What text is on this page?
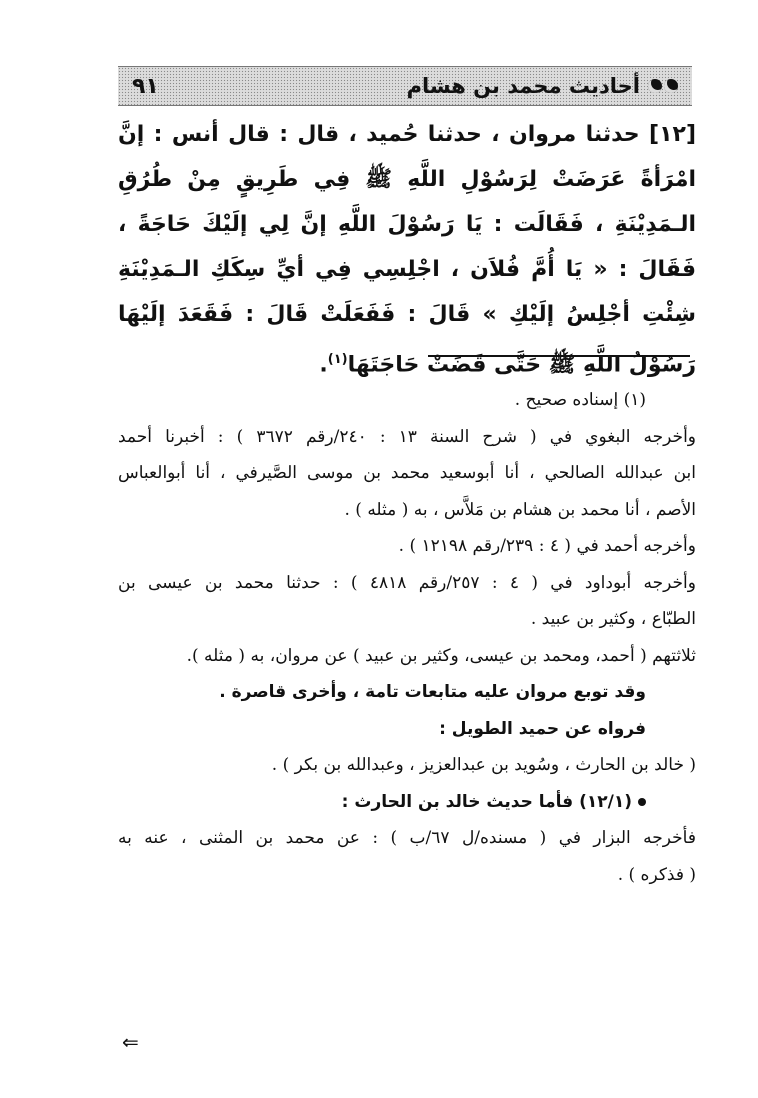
أحاديث محمد بن هشام
٩١

[١٢] حدثنا مروان ، حدثنا حُميد ، قال : قال أنس : إنَّ امْرَأةً عَرَضَتْ لِرَسُوْلِ اللَّهِ ﷺ فِي طَرِيقٍ مِنْ طُرُقِ الـمَدِيْنَةِ ، فَقَالَت : يَا رَسُوْلَ اللَّهِ إنَّ لِي إلَيْكَ حَاجَةً ، فَقَالَ : « يَا أُمَّ فُلاَن ، اجْلِسِي فِي أيِّ سِكَكِ الـمَدِيْنَةِ شِئْتِ أجْلِسُ إلَيْكِ » قَالَ : فَفَعَلَتْ قَالَ : فَقَعَدَ إلَيْهَا رَسُوْلُ اللَّهِ ﷺ حَتَّى قَضَتْ حَاجَتَهَا$^{(١)}$.

(١) إسناده صحيح .

وأخرجه البغوي في ( شرح السنة ١٣ : ٢٤٠/رقم ٣٦٧٢ ) : أخبرنا أحمد

ابن عبدالله الصالحي ، أنا أبوسعيد محمد بن موسى الصَّيرفي ، أنا أبوالعباس

الأصم ، أنا محمد بن هشام بن مَلاَّس ، به ( مثله ) .

وأخرجه أحمد في ( ٤ : ٢٣٩/رقم ١٢١٩٨ ) .

وأخرجه أبوداود في ( ٤ : ٢٥٧/رقم ٤٨١٨ ) : حدثنا محمد بن عيسى بن

الطبّاع ، وكثير بن عبيد .

ثلاثتهم ( أحمد، ومحمد بن عيسى، وكثير بن عبيد ) عن مروان، به ( مثله ).

وقد توبع مروان عليه متابعات تامة ، وأخرى قاصرة .

فرواه عن حميد الطويل :

( خالد بن الحارث ، وسُويد بن عبدالعزيز ، وعبدالله بن بكر ) .

(١٢/١) فأما حديث خالد بن الحارث :

فأخرجه البزار في ( مسنده/ل ٦٧/ب ) : عن محمد بن المثنى ، عنه به

( فذكره ) .

⇐
